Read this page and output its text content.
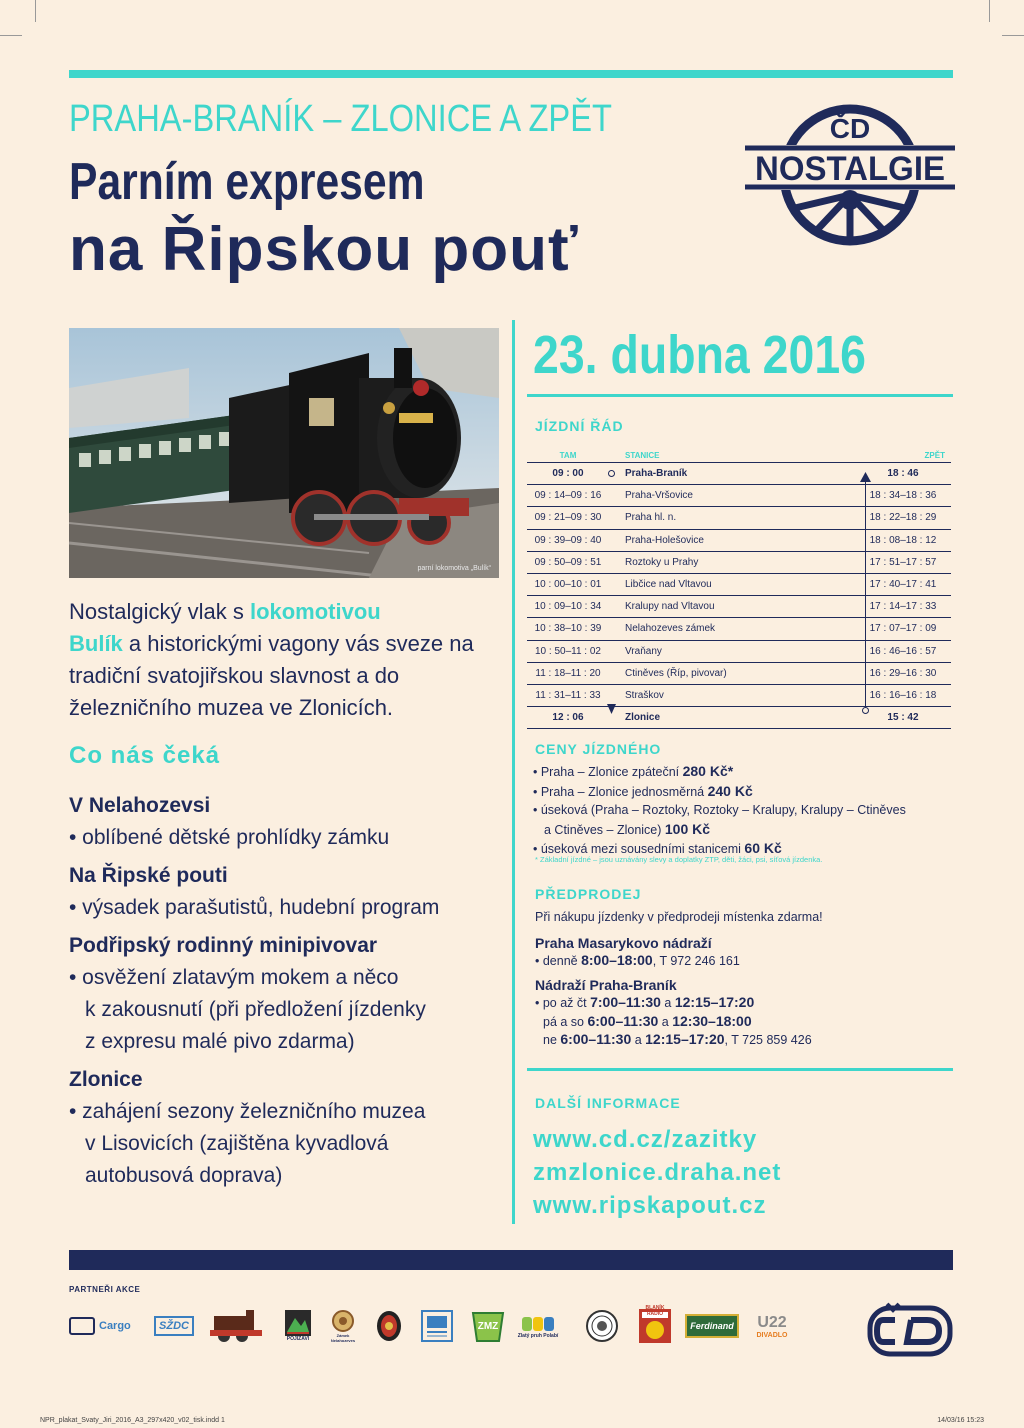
PRAHA-BRANÍK – ZLONICE A ZPĚT
Parním expresem
na Řipskou pouť
ČD
NOSTALGIE
parní lokomotiva „Bulík“
Nostalgický vlak s lokomotivou
Bulík a historickými vagony vás sveze na tradiční svatojiřskou slavnost a do železničního muzea ve Zlonicích.
Co nás čeká
V Nelahozevsi
• oblíbené dětské prohlídky zámku
Na Řipské pouti
• výsadek parašutistů, hudební program
Podřipský rodinný minipivovar
• osvěžení zlatavým mokem a něco
k zakousnutí (při předložení jízdenky
z expresu malé pivo zdarma)
Zlonice
• zahájení sezony železničního muzea
v Lisovicích (zajištěna kyvadlová
autobusová doprava)
23. dubna 2016
JÍZDNÍ ŘÁD
TAM	STANICE	ZPĚT
09 : 00	Praha-Braník	18 : 46
09 : 14–09 : 16	Praha-Vršovice	18 : 34–18 : 36
09 : 21–09 : 30	Praha hl. n.	18 : 22–18 : 29
09 : 39–09 : 40	Praha-Holešovice	18 : 08–18 : 12
09 : 50–09 : 51	Roztoky u Prahy	17 : 51–17 : 57
10 : 00–10 : 01	Libčice nad Vltavou	17 : 40–17 : 41
10 : 09–10 : 34	Kralupy nad Vltavou	17 : 14–17 : 33
10 : 38–10 : 39	Nelahozeves zámek	17 : 07–17 : 09
10 : 50–11 : 02	Vraňany	16 : 46–16 : 57
11 : 18–11 : 20	Ctiněves (Říp, pivovar)	16 : 29–16 : 30
11 : 31–11 : 33	Straškov	16 : 16–16 : 18
12 : 06	Zlonice	15 : 42
CENY JÍZDNÉHO
• Praha – Zlonice zpáteční 280 Kč*
• Praha – Zlonice jednosměrná 240 Kč
• úseková (Praha – Roztoky, Roztoky – Kralupy, Kralupy – Ctiněves
a Ctiněves – Zlonice) 100 Kč
• úseková mezi sousedními stanicemi 60 Kč
* Základní jízdné – jsou uznávány slevy a doplatky ZTP, děti, žáci, psi, síťová jízdenka.
PŘEDPRODEJ
Při nákupu jízdenky v předprodeji místenka zdarma!
Praha Masarykovo nádraží
• denně 8:00–18:00, T 972 246 161
Nádraží Praha-Braník
• po až čt 7:00–11:30 a 12:15–17:20
pá a so 6:00–11:30 a 12:30–18:00
ne 6:00–11:30 a 12:15–17:20, T 725 859 426
DALŠÍ INFORMACE
www.cd.cz/zazitky
zmzlonice.draha.net
www.ripskapout.cz
PARTNEŘI AKCE
Cargo	SŽDC
POJIZAVI
Zámek Nelahozeves
ZMZ
Zlatý pruh Polabí
BLANÍK RADIO
Ferdinand	U22
DIVADLO
NPR_plakat_Svaty_Jiri_2016_A3_297x420_v02_tisk.indd 1	14/03/16 15:23
